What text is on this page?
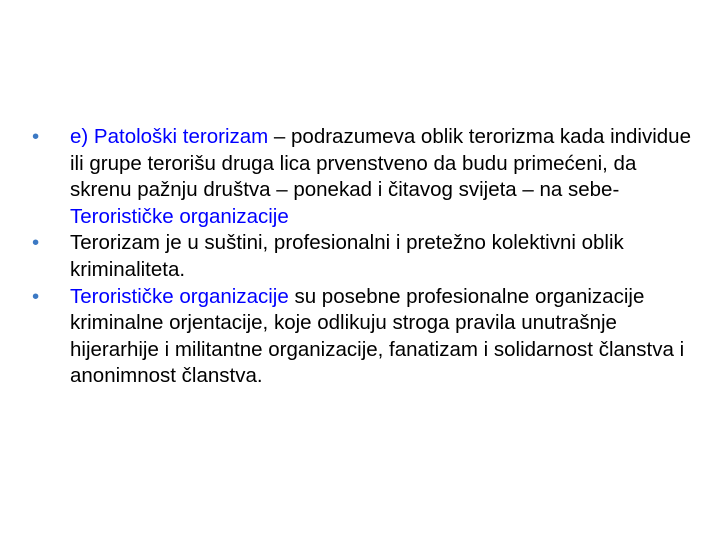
•	e) Patološki terorizam – podrazumeva oblik terorizma kada individue ili grupe terorišu druga lica prvenstveno da budu primećeni, da skrenu pažnju društva – ponekad i čitavog svijeta – na sebe-
Terorističke organizacije
•	Terorizam je u suštini, profesionalni i pretežno kolektivni oblik kriminaliteta.
•	Terorističke organizacije su posebne profesionalne organizacije kriminalne orjentacije, koje odlikuju stroga pravila unutrašnje hijerarhije i militantne organizacije, fanatizam i solidarnost članstva i anonimnost članstva.
